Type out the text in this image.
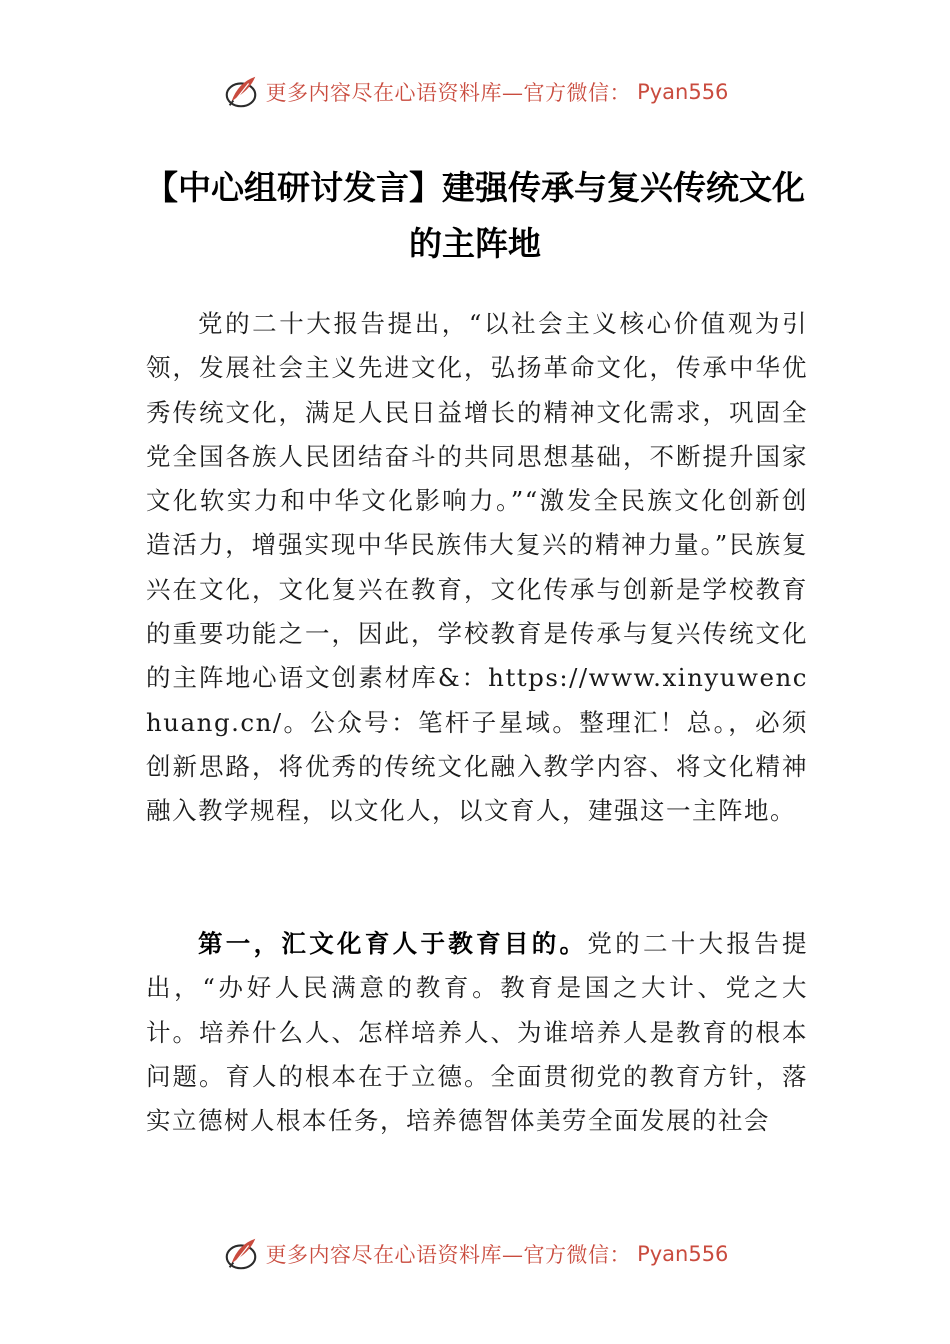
更多内容尽在心语资料库—官方微信： Pyan556
【中心组研讨发言】建强传承与复兴传统文化的主阵地

党的二十大报告提出，“以社会主义核心价值观为引领，发展社会主义先进文化，弘扬革命文化，传承中华优秀传统文化，满足人民日益增长的精神文化需求，巩固全党全国各族人民团结奋斗的共同思想基础，不断提升国家文化软实力和中华文化影响力。”“激发全民族文化创新创造活力，增强实现中华民族伟大复兴的精神力量。”民族复兴在文化，文化复兴在教育，文化传承与创新是学校教育的重要功能之一，因此，学校教育是传承与复兴传统文化的主阵地心语文创素材库&：https://www.xinyuwenchuang.cn/。公众号：笔杆子星域。整理汇！总。，必须创新思路，将优秀的传统文化融入教学内容、将文化精神融入教学规程，以文化人，以文育人，建强这一主阵地。

第一，汇文化育人于教育目的。党的二十大报告提出，“办好人民满意的教育。教育是国之大计、党之大计。培养什么人、怎样培养人、为谁培养人是教育的根本问题。育人的根本在于立德。全面贯彻党的教育方针，落实立德树人根本任务，培养德智体美劳全面发展的社会

更多内容尽在心语资料库—官方微信： Pyan556
